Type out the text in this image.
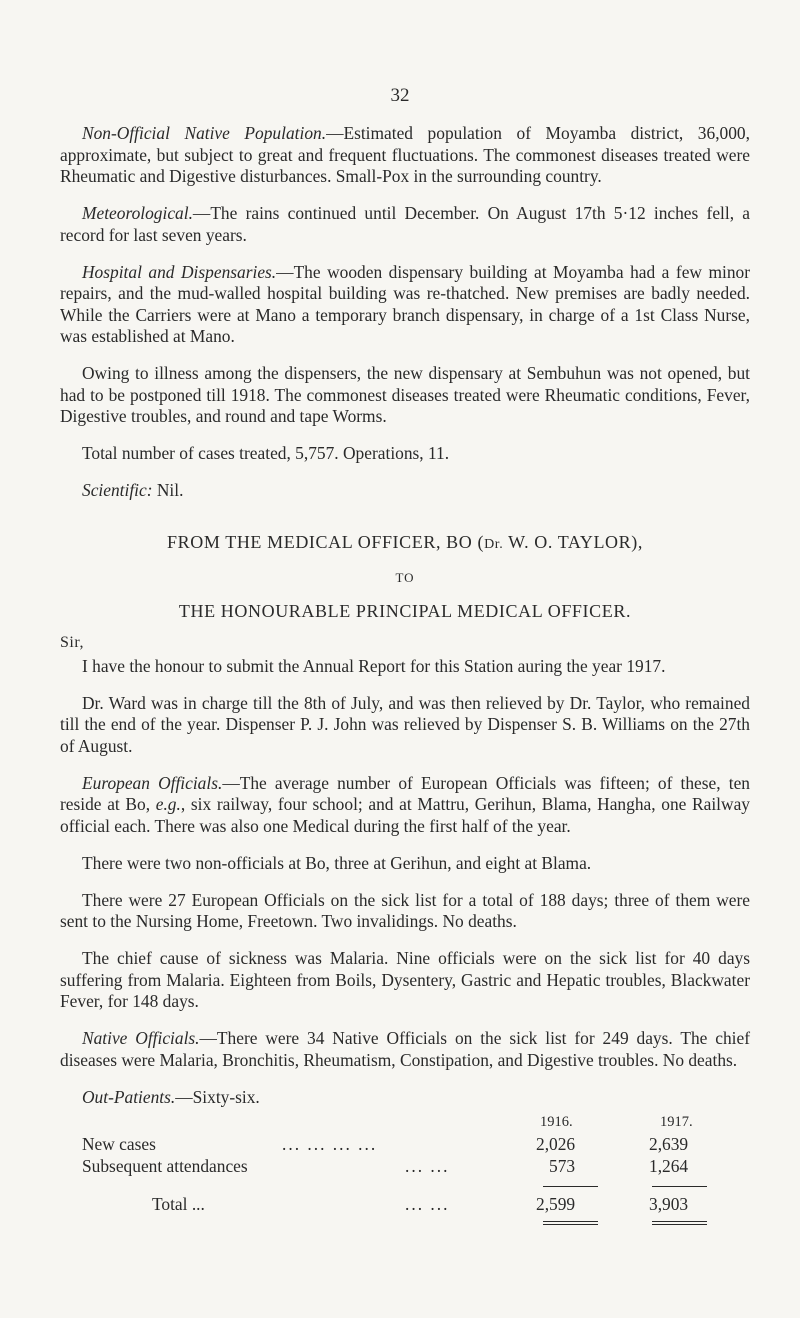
32

Non-Official Native Population.—Estimated population of Moyamba district, 36,000, approximate, but subject to great and frequent fluctuations. The commonest diseases treated were Rheumatic and Digestive disturbances. Small-Pox in the surrounding country.

Meteorological.—The rains continued until December. On August 17th 5·12 inches fell, a record for last seven years.

Hospital and Dispensaries.—The wooden dispensary building at Moyamba had a few minor repairs, and the mud-walled hospital building was re-thatched. New premises are badly needed. While the Carriers were at Mano a temporary branch dispensary, in charge of a 1st Class Nurse, was established at Mano.

Owing to illness among the dispensers, the new dispensary at Sembuhun was not opened, but had to be postponed till 1918. The commonest diseases treated were Rheumatic conditions, Fever, Digestive troubles, and round and tape Worms.

Total number of cases treated, 5,757. Operations, 11.

Scientific: Nil.

FROM THE MEDICAL OFFICER, BO (Dr. W. O. TAYLOR),
TO
THE HONOURABLE PRINCIPAL MEDICAL OFFICER.
Sir,

I have the honour to submit the Annual Report for this Station auring the year 1917.

Dr. Ward was in charge till the 8th of July, and was then relieved by Dr. Taylor, who remained till the end of the year. Dispenser P. J. John was relieved by Dispenser S. B. Williams on the 27th of August.

European Officials.—The average number of European Officials was fifteen; of these, ten reside at Bo, e.g., six railway, four school; and at Mattru, Gerihun, Blama, Hangha, one Railway official each. There was also one Medical during the first half of the year.

There were two non-officials at Bo, three at Gerihun, and eight at Blama.

There were 27 European Officials on the sick list for a total of 188 days; three of them were sent to the Nursing Home, Freetown. Two invalidings. No deaths.

The chief cause of sickness was Malaria. Nine officials were on the sick list for 40 days suffering from Malaria. Eighteen from Boils, Dysentery, Gastric and Hepatic troubles, Blackwater Fever, for 148 days.

Native Officials.—There were 34 Native Officials on the sick list for 249 days. The chief diseases were Malaria, Bronchitis, Rheumatism, Constipation, and Digestive troubles. No deaths.

Out-Patients.—Sixty-six.

1916.	1917.
New cases	... ... ... ...	2,026	2,639
Subsequent attendances	... ...	573	1,264
Total ...	... ...	2,599	3,903
